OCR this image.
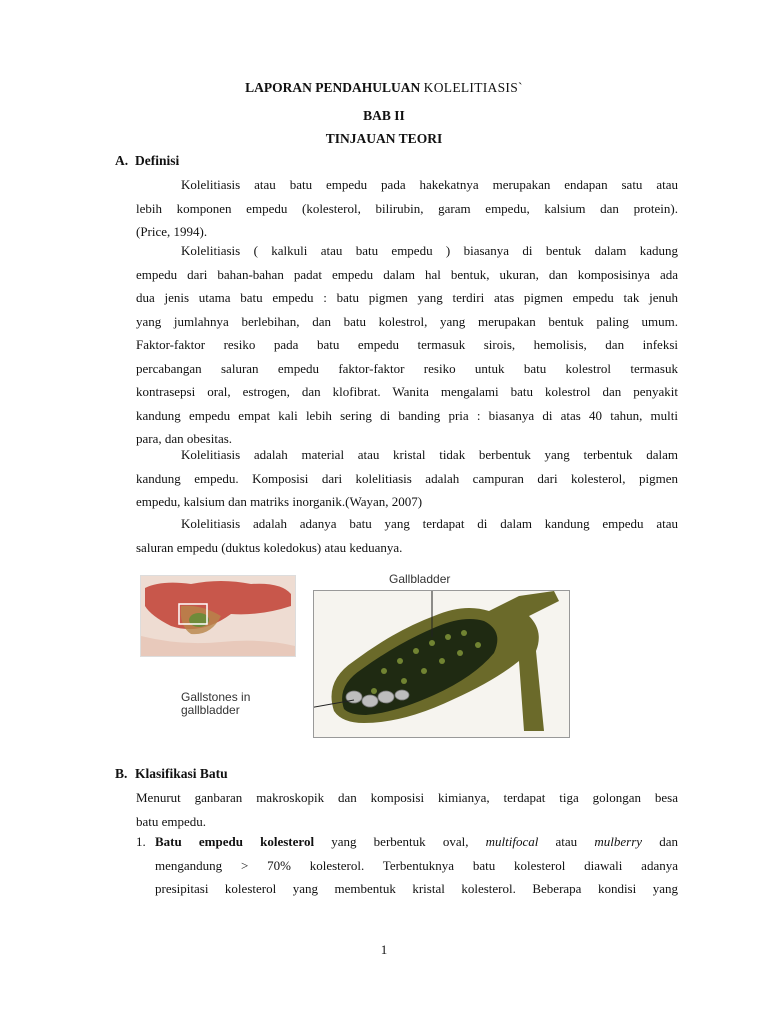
LAPORAN PENDAHULUAN KOLELITIASIS`
BAB II
TINJAUAN TEORI
A. Definisi
Kolelitiasis atau batu empedu pada hakekatnya merupakan endapan satu atau
lebih komponen empedu (kolesterol, bilirubin, garam empedu, kalsium dan protein).
(Price, 1994).
Kolelitiasis ( kalkuli atau batu empedu ) biasanya di bentuk dalam kadung
empedu dari bahan-bahan padat empedu dalam hal bentuk, ukuran, dan komposisinya ada
dua jenis utama batu empedu : batu pigmen yang terdiri atas pigmen empedu tak jenuh
yang jumlahnya berlebihan, dan batu kolestrol, yang merupakan bentuk paling umum.
Faktor-faktor resiko pada batu empedu termasuk sirois, hemolisis, dan infeksi
percabangan saluran empedu faktor-faktor resiko untuk batu kolestrol termasuk
kontrasepsi oral, estrogen, dan klofibrat. Wanita mengalami batu kolestrol dan penyakit
kandung empedu empat kali lebih sering di banding pria : biasanya di atas 40 tahun, multi
para, dan obesitas.
Kolelitiasis adalah material atau kristal tidak berbentuk yang terbentuk dalam
kandung empedu. Komposisi dari kolelitiasis adalah campuran dari kolesterol, pigmen
empedu, kalsium dan matriks inorganik.(Wayan, 2007)
Kolelitiasis adalah adanya batu yang terdapat di dalam kandung empedu atau
saluran empedu (duktus koledokus) atau keduanya.
Gallbladder
Gallstones in
gallbladder
B. Klasifikasi Batu
Menurut ganbaran makroskopik dan komposisi kimianya, terdapat tiga golongan besa
batu empedu.
1. Batu empedu kolesterol yang berbentuk oval, multifocal atau mulberry dan
mengandung > 70% kolesterol. Terbentuknya batu kolesterol diawali adanya
presipitasi kolesterol yang membentuk kristal kolesterol. Beberapa kondisi yang
1
